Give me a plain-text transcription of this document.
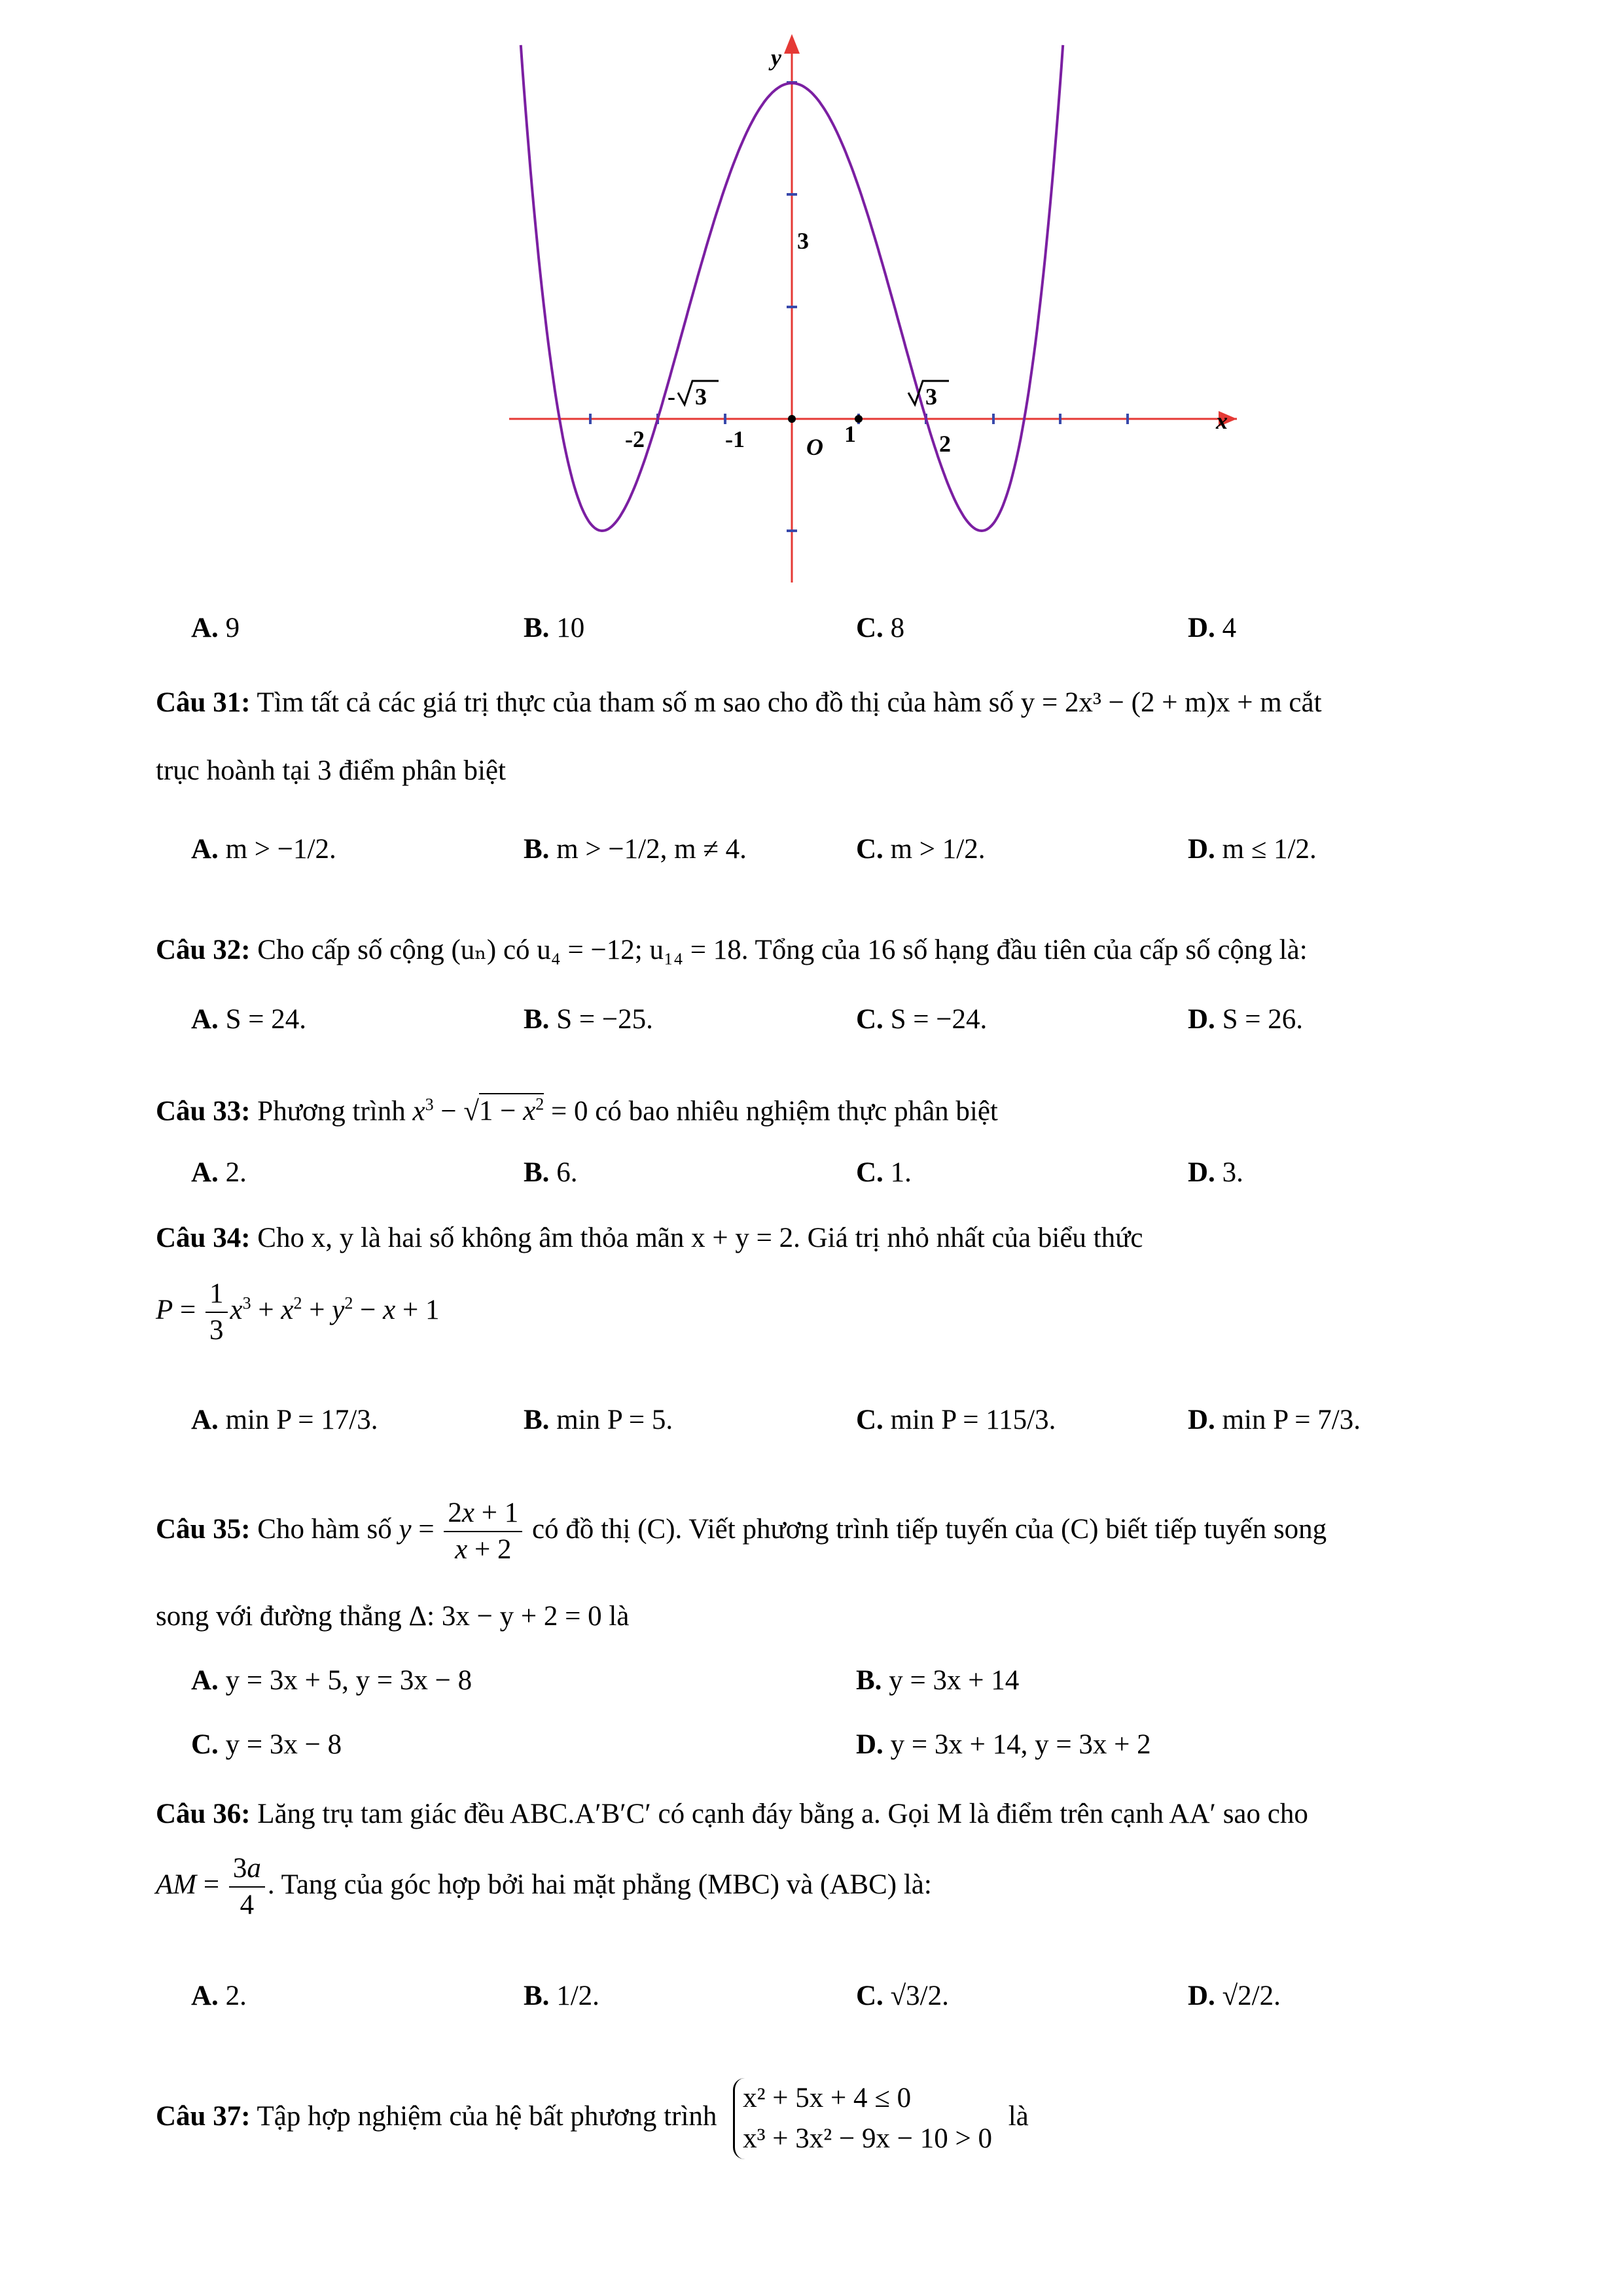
y
x
O
3
-2	-1	1	2
- 3	3
A. 9	B. 10	C. 8	D. 4
Câu 31: Tìm tất cả các giá trị thực của tham số m sao cho đồ thị của hàm số y = 2x³ − (2 + m)x + m cắt
trục hoành tại 3 điểm phân biệt
A. m > −1/2.	B. m > −1/2, m ≠ 4.	C. m > 1/2.	D. m ≤ 1/2.
Câu 32: Cho cấp số cộng (uₙ) có u₄ = −12; u₁₄ = 18. Tổng của 16 số hạng đầu tiên của cấp số cộng là:
A. S = 24.	B. S = −25.	C. S = −24.	D. S = 26.
Câu 33: Phương trình $x^3 - √1 - x^2 = 0$ có bao nhiêu nghiệm thực phân biệt
A. 2.	B. 6.	C. 1.	D. 3.
Câu 34: Cho x, y là hai số không âm thỏa mãn x + y = 2. Giá trị nhỏ nhất của biểu thức
$P = \frac{1}{3} x^3 + x^2 + y^2 - x + 1$
A. min P = 17/3.	B. min P = 5.	C. min P = 115/3.	D. min P = 7/3.
Câu 35: Cho hàm số $y = \frac{2x + 1}{x + 2}$ có đồ thị (C). Viết phương trình tiếp tuyến của (C) biết tiếp tuyến song
song với đường thẳng Δ: 3x − y + 2 = 0 là
A. y = 3x + 5, y = 3x − 8	B. y = 3x + 14
C. y = 3x − 8	D. y = 3x + 14, y = 3x + 2
Câu 36: Lăng trụ tam giác đều ABC.A′B′C′ có cạnh đáy bằng a. Gọi M là điểm trên cạnh AA′ sao cho
AM = $\frac{3a}{4}$ . Tang của góc hợp bởi hai mặt phẳng (MBC) và (ABC) là:
A. 2.	B. 1/2.	C. √3/2.	D. √2/2.
Câu 37: Tập hợp nghiệm của hệ bất phương trình
x² + 5x + 4 ≤ 0
x³ + 3x² − 9x − 10 > 0
là
